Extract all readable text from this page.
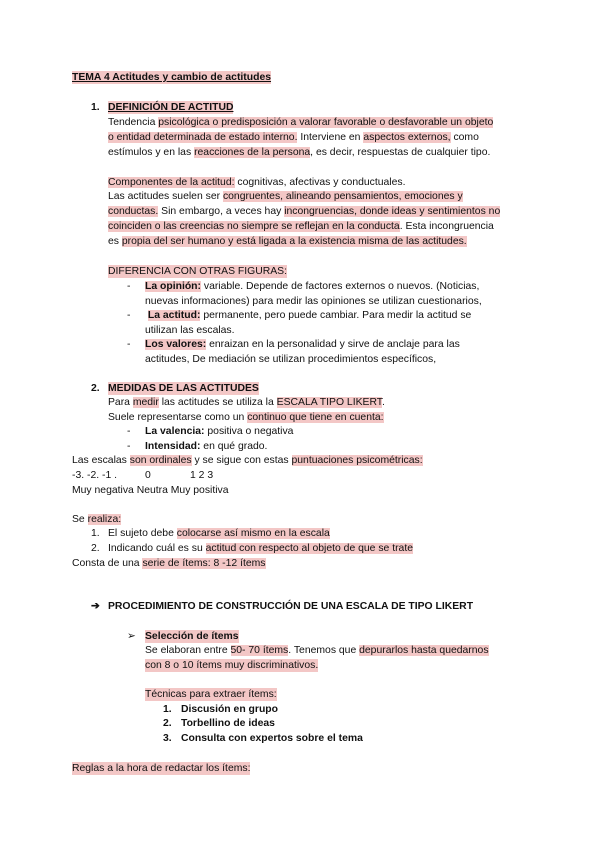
TEMA 4 Actitudes y cambio de actitudes
1. DEFINICIÓN DE ACTITUD
Tendencia psicológica o predisposición a valorar favorable o desfavorable un objeto
o entidad determinada de estado interno. Interviene en aspectos externos, como
estímulos y en las reacciones de la persona, es decir, respuestas de cualquier tipo.
Componentes de la actitud: cognitivas, afectivas y conductuales.
Las actitudes suelen ser congruentes, alineando pensamientos, emociones y
conductas. Sin embargo, a veces hay incongruencias, donde ideas y sentimientos no
coinciden o las creencias no siempre se reflejan en la conducta. Esta incongruencia
es propia del ser humano y está ligada a la existencia misma de las actitudes.
DIFERENCIA CON OTRAS FIGURAS:
- La opinión: variable. Depende de factores externos o nuevos. (Noticias,
nuevas informaciones) para medir las opiniones se utilizan cuestionarios,
- La actitud: permanente, pero puede cambiar. Para medir la actitud se
utilizan las escalas.
- Los valores: enraizan en la personalidad y sirve de anclaje para las
actitudes, De mediación se utilizan procedimientos específicos,
2. MEDIDAS DE LAS ACTITUDES
Para medir las actitudes se utiliza la ESCALA TIPO LIKERT.
Suele representarse como un continuo que tiene en cuenta:
- La valencia: positiva o negativa
- Intensidad: en qué grado.
Las escalas son ordinales y se sigue con estas puntuaciones psicométricas:
-3. -2. -1 .	0	1 2 3
Muy negativa Neutra Muy positiva
Se realiza:
1. El sujeto debe colocarse así mismo en la escala
2. Indicando cuál es su actitud con respecto al objeto de que se trate
Consta de una serie de ítems: 8 -12 ítems
➔ PROCEDIMIENTO DE CONSTRUCCIÓN DE UNA ESCALA DE TIPO LIKERT
➢ Selección de ítems
Se elaboran entre 50- 70 ítems. Tenemos que depurarlos hasta quedarnos
con 8 o 10 ítems muy discriminativos.
Técnicas para extraer ítems:
1. Discusión en grupo
2. Torbellino de ideas
3. Consulta con expertos sobre el tema
Reglas a la hora de redactar los ítems:
